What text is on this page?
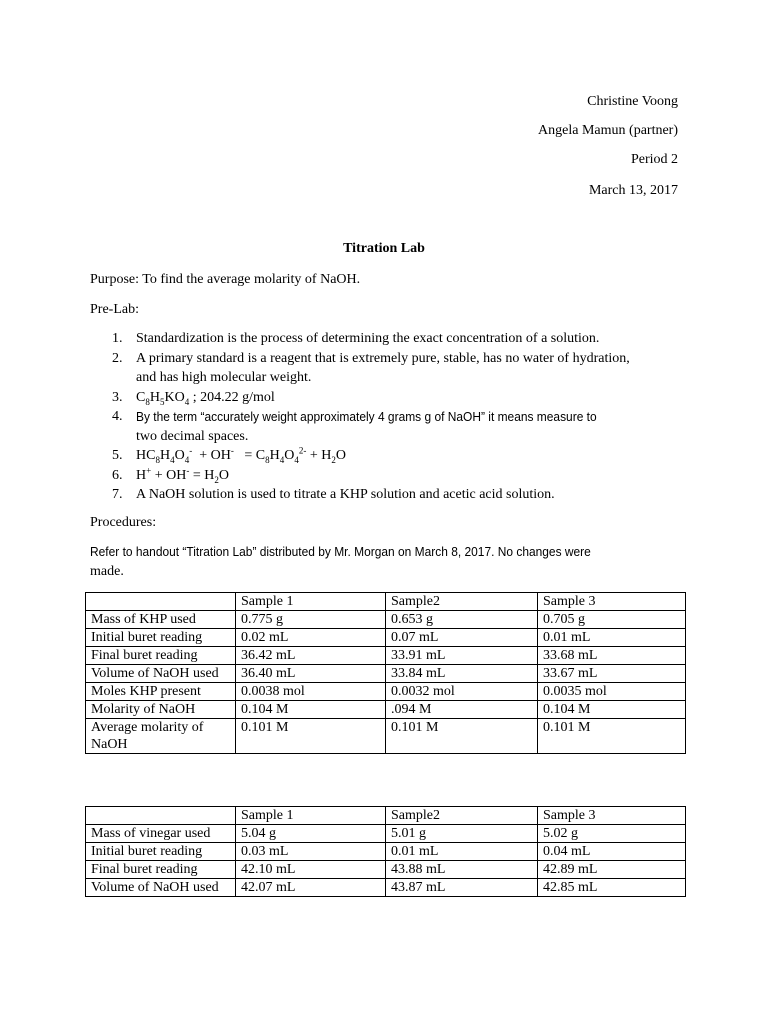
Christine Voong
Angela Mamun (partner)
Period 2
March 13, 2017
Titration Lab
Purpose: To find the average molarity of NaOH.
Pre-Lab:
1. Standardization is the process of determining the exact concentration of a solution.
2. A primary standard is a reagent that is extremely pure, stable, has no water of hydration,
and has high molecular weight.
3. $C_8H_5KO_4$ ; 204.22 g/mol
4. By the term “accurately weight approximately 4 grams g of NaOH” it means measure to
two decimal spaces.
5. $HC_8H_4O_4^- + OH^- = C_8H_4O_4^{2-} + H_2O$
6. $H^+ + OH^- = H_2O$
7. A NaOH solution is used to titrate a KHP solution and acetic acid solution.
Procedures:
Refer to handout “Titration Lab” distributed by Mr. Morgan on March 8, 2017. No changes were
made.
	Sample 1	Sample2	Sample 3
Mass of KHP used	0.775 g	0.653 g	0.705 g
Initial buret reading	0.02 mL	0.07 mL	0.01 mL
Final buret reading	36.42 mL	33.91 mL	33.68 mL
Volume of NaOH used	36.40 mL	33.84 mL	33.67 mL
Moles KHP present	0.0038 mol	0.0032 mol	0.0035 mol
Molarity of NaOH	0.104 M	.094 M	0.104 M
Average molarity of NaOH	0.101 M	0.101 M	0.101 M
	Sample 1	Sample2	Sample 3
Mass of vinegar used	5.04 g	5.01 g	5.02 g
Initial buret reading	0.03 mL	0.01 mL	0.04 mL
Final buret reading	42.10 mL	43.88 mL	42.89 mL
Volume of NaOH used	42.07 mL	43.87 mL	42.85 mL
